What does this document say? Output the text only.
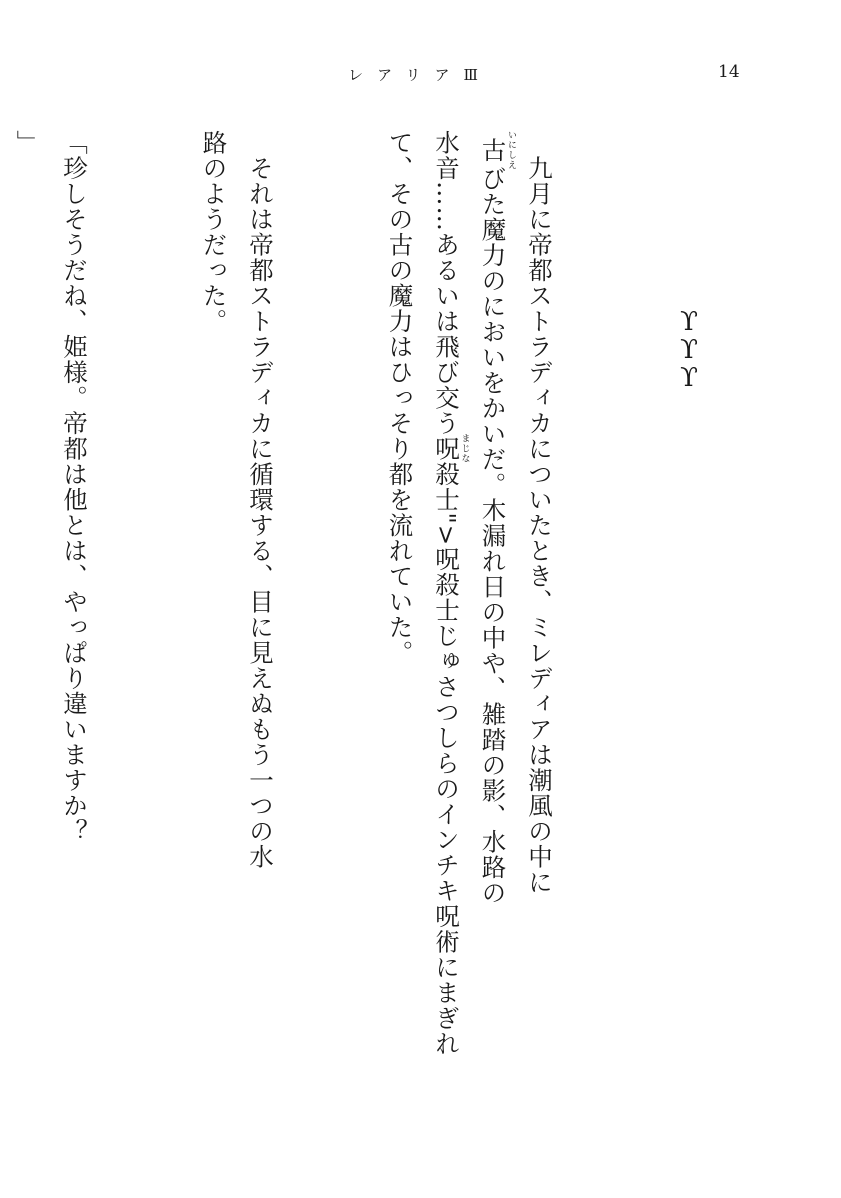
レアリアⅢ	14
ϒ
ϒ
ϒ

　九月に帝都ストラディカについたとき、ミレディアは潮風の中に
古いにしえびた魔力のにおいをかいだ。木漏れ日の中や、雑踏の影、水路の
水音……あるいは飛び交う呪まじな殺士">呪殺士じゅさつしらのインチキ呪術にまぎれ
て、その古の魔力はひっそり都を流れていた。

　それは帝都ストラディカに循環する、目に見えぬもう一つの水
路のようだった。

「珍しそうだね、姫様。帝都は他とは、やっぱり違いますか？
」
